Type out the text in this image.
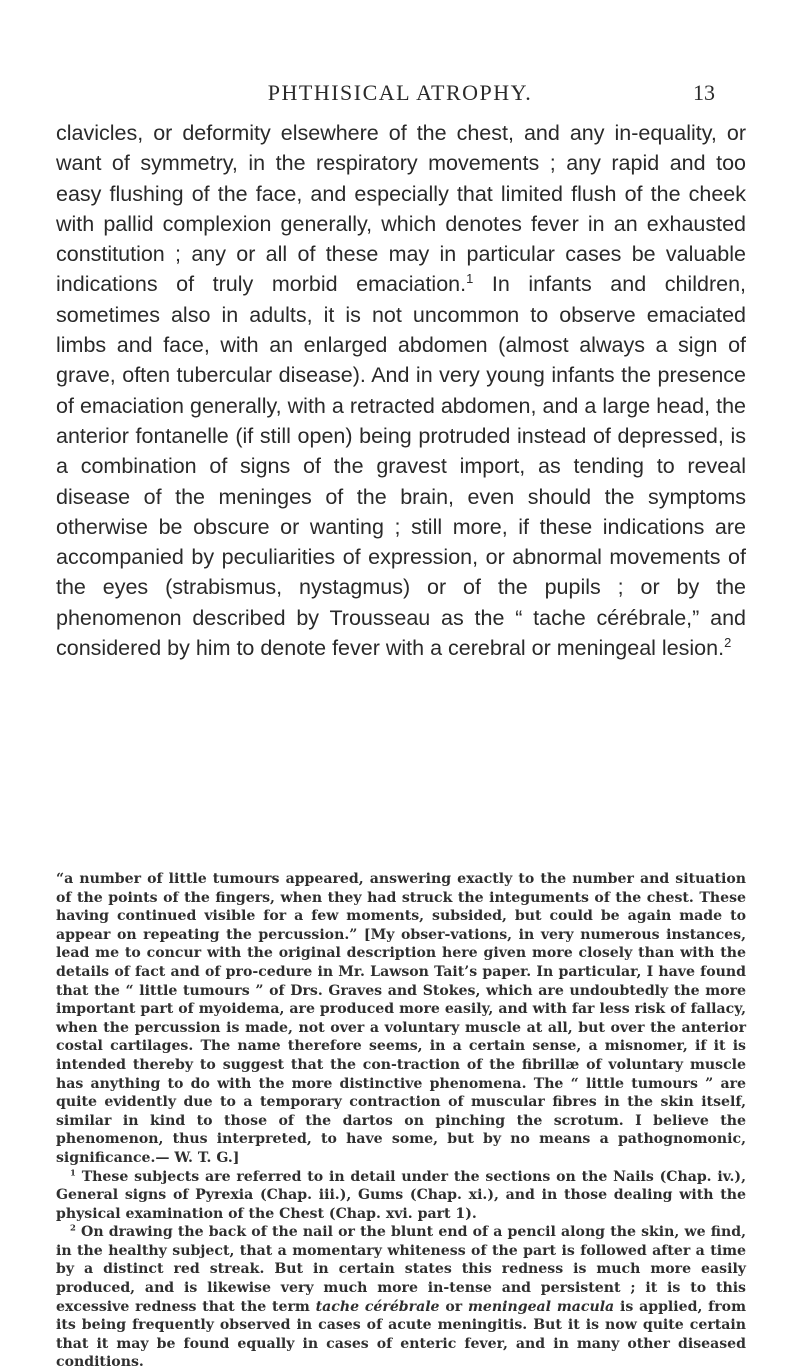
PHTHISICAL ATROPHY.	13

clavicles, or deformity elsewhere of the chest, and any in-equality, or want of symmetry, in the respiratory movements ; any rapid and too easy flushing of the face, and especially that limited flush of the cheek with pallid complexion generally, which denotes fever in an exhausted constitution ; any or all of these may in particular cases be valuable indications of truly morbid emaciation.$^1$ In infants and children, sometimes also in adults, it is not uncommon to observe emaciated limbs and face, with an enlarged abdomen (almost always a sign of grave, often tubercular disease). And in very young infants the presence of emaciation generally, with a retracted abdomen, and a large head, the anterior fontanelle (if still open) being protruded instead of depressed, is a combination of signs of the gravest import, as tending to reveal disease of the meninges of the brain, even should the symptoms otherwise be obscure or wanting ; still more, if these indications are accompanied by peculiarities of expression, or abnormal movements of the eyes (strabismus, nystagmus) or of the pupils ; or by the phenomenon described by Trousseau as the “ tache cérébrale,” and considered by him to denote fever with a cerebral or meningeal lesion.$^2$

“a number of little tumours appeared, answering exactly to the number and situation of the points of the fingers, when they had struck the integuments of the chest. These having continued visible for a few moments, subsided, but could be again made to appear on repeating the percussion.” [My obser-vations, in very numerous instances, lead me to concur with the original description here given more closely than with the details of fact and of pro-cedure in Mr. Lawson Tait’s paper. In particular, I have found that the “ little tumours ” of Drs. Graves and Stokes, which are undoubtedly the more important part of myoidema, are produced more easily, and with far less risk of fallacy, when the percussion is made, not over a voluntary muscle at all, but over the anterior costal cartilages. The name therefore seems, in a certain sense, a misnomer, if it is intended thereby to suggest that the con-traction of the fibrillæ of voluntary muscle has anything to do with the more distinctive phenomena. The “ little tumours ” are quite evidently due to a temporary contraction of muscular fibres in the skin itself, similar in kind to those of the dartos on pinching the scrotum. I believe the phenomenon, thus interpreted, to have some, but by no means a pathognomonic, significance.— W. T. G.]

$^1$ These subjects are referred to in detail under the sections on the Nails (Chap. iv.), General signs of Pyrexia (Chap. iii.), Gums (Chap. xi.), and in those dealing with the physical examination of the Chest (Chap. xvi. part 1).

$^2$ On drawing the back of the nail or the blunt end of a pencil along the skin, we find, in the healthy subject, that a momentary whiteness of the part is followed after a time by a distinct red streak. But in certain states this redness is much more easily produced, and is likewise very much more in-tense and persistent ; it is to this excessive redness that the term tache cérébrale or meningeal macula is applied, from its being frequently observed in cases of acute meningitis. But it is now quite certain that it may be found equally in cases of enteric fever, and in many other diseased conditions.
